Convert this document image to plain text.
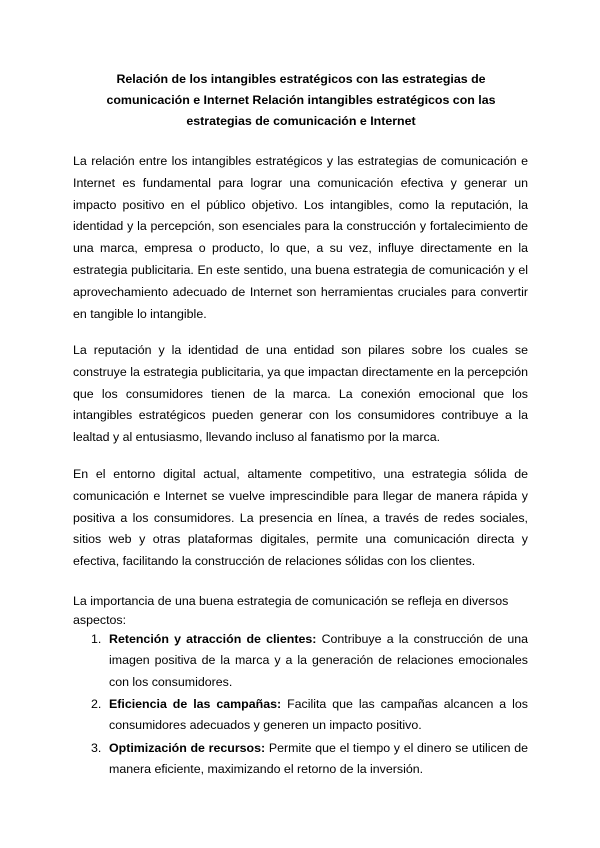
Relación de los intangibles estratégicos con las estrategias de comunicación e Internet Relación intangibles estratégicos con las estrategias de comunicación e Internet

La relación entre los intangibles estratégicos y las estrategias de comunicación e Internet es fundamental para lograr una comunicación efectiva y generar un impacto positivo en el público objetivo. Los intangibles, como la reputación, la identidad y la percepción, son esenciales para la construcción y fortalecimiento de una marca, empresa o producto, lo que, a su vez, influye directamente en la estrategia publicitaria. En este sentido, una buena estrategia de comunicación y el aprovechamiento adecuado de Internet son herramientas cruciales para convertir en tangible lo intangible.

La reputación y la identidad de una entidad son pilares sobre los cuales se construye la estrategia publicitaria, ya que impactan directamente en la percepción que los consumidores tienen de la marca. La conexión emocional que los intangibles estratégicos pueden generar con los consumidores contribuye a la lealtad y al entusiasmo, llevando incluso al fanatismo por la marca.

En el entorno digital actual, altamente competitivo, una estrategia sólida de comunicación e Internet se vuelve imprescindible para llegar de manera rápida y positiva a los consumidores. La presencia en línea, a través de redes sociales, sitios web y otras plataformas digitales, permite una comunicación directa y efectiva, facilitando la construcción de relaciones sólidas con los clientes.

La importancia de una buena estrategia de comunicación se refleja en diversos aspectos:

1. Retención y atracción de clientes: Contribuye a la construcción de una imagen positiva de la marca y a la generación de relaciones emocionales con los consumidores.
2. Eficiencia de las campañas: Facilita que las campañas alcancen a los consumidores adecuados y generen un impacto positivo.
3. Optimización de recursos: Permite que el tiempo y el dinero se utilicen de manera eficiente, maximizando el retorno de la inversión.
